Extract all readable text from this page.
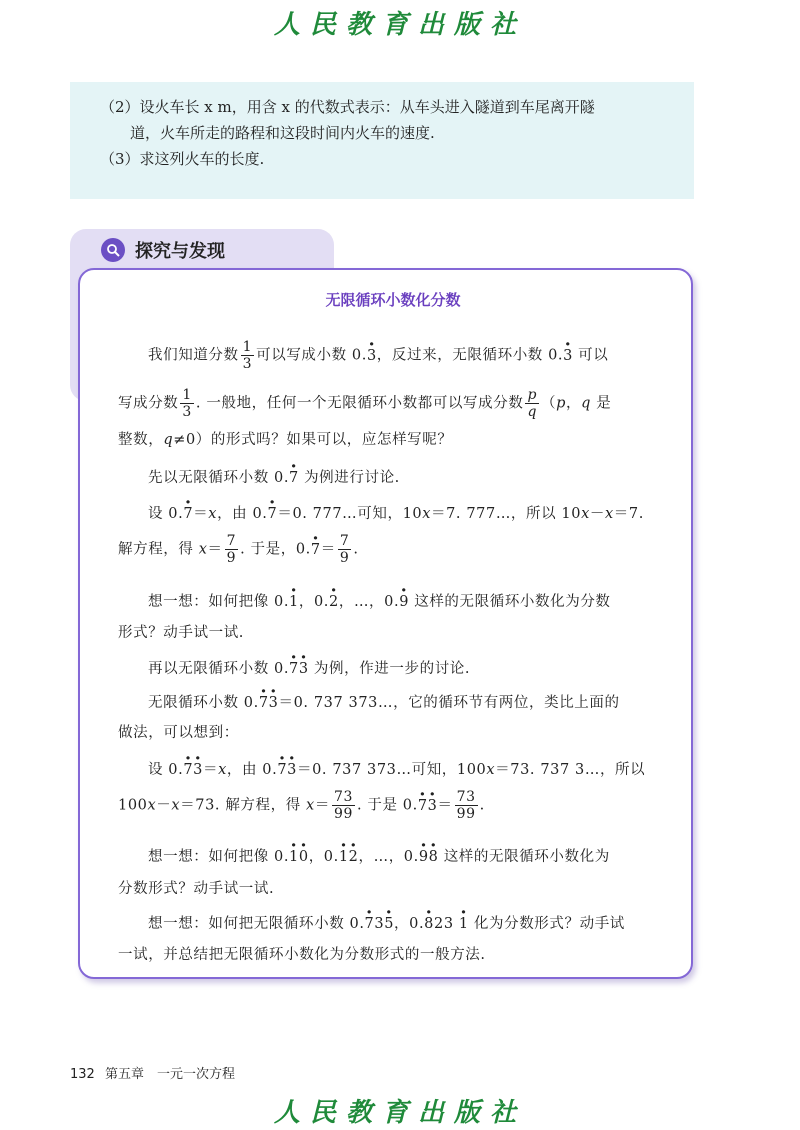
人民教育出版社
（2）设火车长 x m，用含 x 的代数式表示：从车头进入隧道到车尾离开隧
道，火车所走的路程和这段时间内火车的速度.
（3）求这列火车的长度.
探究与发现
无限循环小数化分数

我们知道分数 $\frac{1}{3}$ 可以写成小数 0.· 3，反过来，无限循环小数 0.· 3 可以

写成分数 $\frac{1}{3}$ . 一般地，任何一个无限循环小数都可以写成分数 $\frac{p}{q} (p$，q 是

整数，q≠0）的形式吗？如果可以，应怎样写呢？

先以无限循环小数 0.· 7 为例进行讨论.

设 0.· 7＝x，由 0.· 7＝0. 777…可知，10x＝7. 777…，所以 10x－x＝7.

解方程，得 $x= \frac{7}{9}$ . 于是，$0.\cdot 7= \frac{7}{9}$ .

想一想：如何把像 0.· 1，0.· 2，…，0.· 9 这样的无限循环小数化为分数

形式？动手试一试.

再以无限循环小数 0.· 7· 3 为例，作进一步的讨论.

无限循环小数 0.· 7· 3＝0. 737 373…，它的循环节有两位，类比上面的

做法，可以想到：

设 0.· 7· 3＝x，由 0.· 7· 3＝0. 737 373…可知，100x＝73. 737 3…，所以

100x－x＝73. 解方程，得 $x= \frac{73}{99}$ . 于是 $0.\cdot 7\cdot 3= \frac{73}{99}$ .

想一想：如何把像 0.· 1· 0，0.· 1· 2，…，0.· 9· 8 这样的无限循环小数化为

分数形式？动手试一试.

想一想：如何把无限循环小数 0.· 73· 5，0.· 823 · 1 化为分数形式？动手试

一试，并总结把无限循环小数化为分数形式的一般方法.

132 第五章　一元一次方程
人民教育出版社
